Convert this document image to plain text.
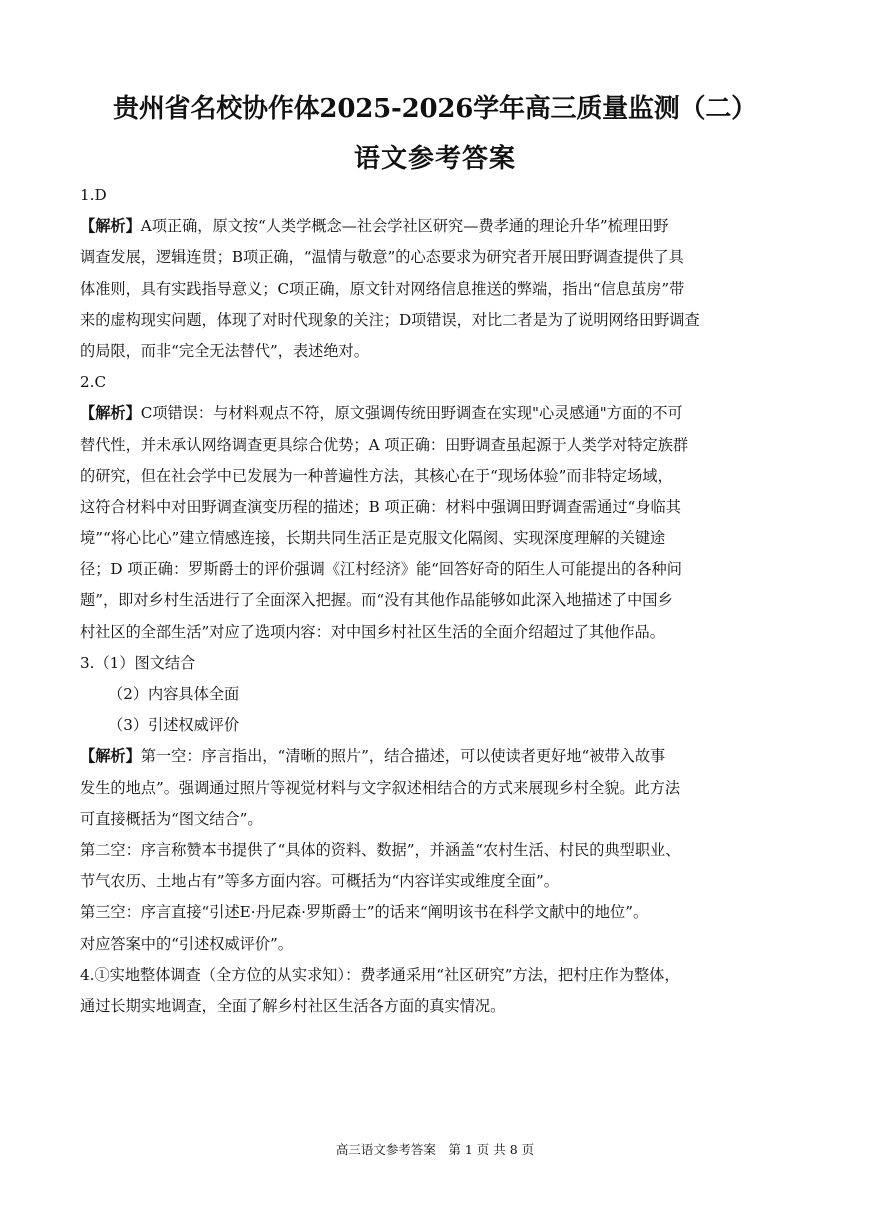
贵州省名校协作体2025-2026学年高三质量监测（二）
语文参考答案
1.D
【解析】A项正确，原文按“人类学概念—社会学社区研究—费孝通的理论升华”梳理田野
调查发展，逻辑连贯；B项正确，“温情与敬意”的心态要求为研究者开展田野调查提供了具
体准则，具有实践指导意义；C项正确，原文针对网络信息推送的弊端，指出“信息茧房”带
来的虚构现实问题，体现了对时代现象的关注；D项错误，对比二者是为了说明网络田野调查
的局限，而非“完全无法替代”，表述绝对。
2.C
【解析】C项错误：与材料观点不符，原文强调传统田野调查在实现"心灵感通"方面的不可
替代性，并未承认网络调查更具综合优势；A 项正确：田野调查虽起源于人类学对特定族群
的研究，但在社会学中已发展为一种普遍性方法，其核心在于“现场体验”而非特定场域，
这符合材料中对田野调查演变历程的描述；B 项正确：材料中强调田野调查需通过“身临其
境”“将心比心”建立情感连接，长期共同生活正是克服文化隔阂、实现深度理解的关键途
径；D 项正确：罗斯爵士的评价强调《江村经济》能“回答好奇的陌生人可能提出的各种问
题”，即对乡村生活进行了全面深入把握。而“没有其他作品能够如此深入地描述了中国乡
村社区的全部生活”对应了选项内容：对中国乡村社区生活的全面介绍超过了其他作品。
3.（1）图文结合
（2）内容具体全面
（3）引述权威评价
【解析】第一空：序言指出，“清晰的照片”，结合描述，可以使读者更好地“被带入故事
发生的地点”。强调通过照片等视觉材料与文字叙述相结合的方式来展现乡村全貌。此方法
可直接概括为“图文结合”。
第二空：序言称赞本书提供了“具体的资料、数据”，并涵盖“农村生活、村民的典型职业、
节气农历、土地占有”等多方面内容。可概括为“内容详实或维度全面”。
第三空：序言直接“引述E·丹尼森·罗斯爵士”的话来“阐明该书在科学文献中的地位”。
对应答案中的“引述权威评价”。
4.①实地整体调查（全方位的从实求知）：费孝通采用“社区研究”方法，把村庄作为整体，
通过长期实地调查，全面了解乡村社区生活各方面的真实情况。
高三语文参考答案　第 1 页 共 8 页
